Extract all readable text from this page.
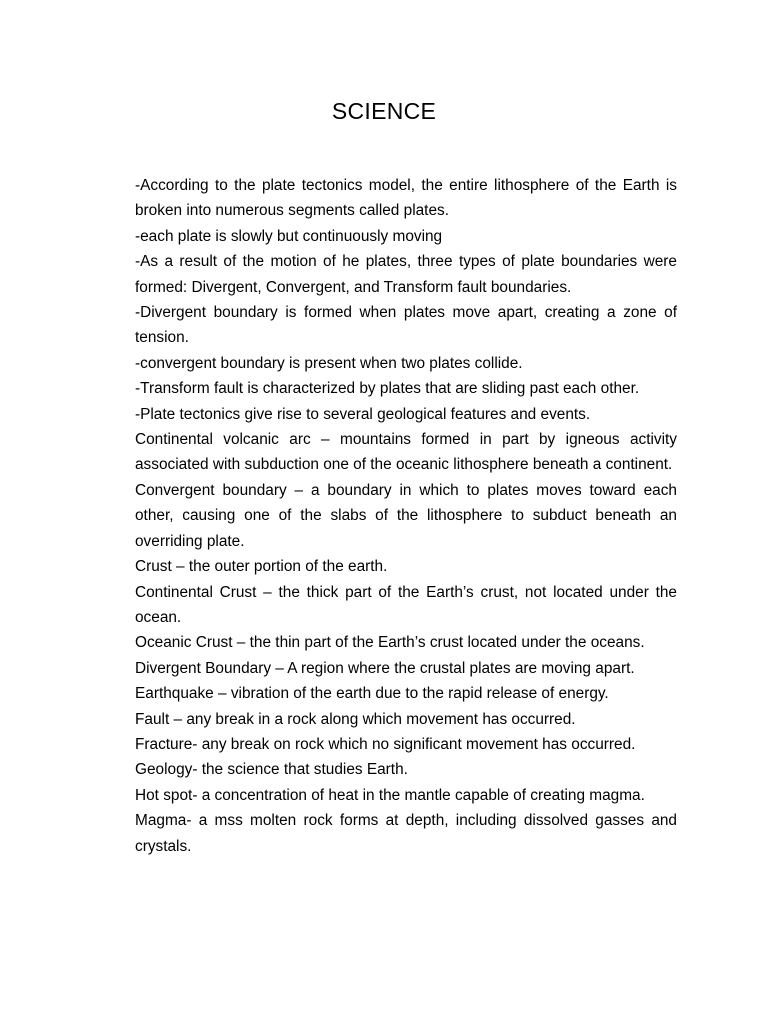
SCIENCE

-According to the plate tectonics model, the entire lithosphere of the Earth is broken into numerous segments called plates.

-each plate is slowly but continuously moving

-As a result of the motion of he plates, three types of plate boundaries were formed: Divergent, Convergent, and Transform fault boundaries.

-Divergent boundary is formed when plates move apart, creating a zone of tension.

-convergent boundary is present when two plates collide.

-Transform fault is characterized by plates that are sliding past each other.

-Plate tectonics give rise to several geological features and events.

Continental volcanic arc – mountains formed in part by igneous activity associated with subduction one of the oceanic lithosphere beneath a continent.

Convergent boundary – a boundary in which to plates moves toward each other, causing one of the slabs of the lithosphere to subduct beneath an overriding plate.

Crust – the outer portion of the earth.

Continental Crust – the thick part of the Earth’s crust, not located under the ocean.

Oceanic Crust – the thin part of the Earth’s crust located under the oceans.

Divergent Boundary – A region where the crustal plates are moving apart.

Earthquake – vibration of the earth due to the rapid release of energy.

Fault – any break in a rock along which movement has occurred.

Fracture- any break on rock which no significant movement has occurred.

Geology- the science that studies Earth.

Hot spot- a concentration of heat in the mantle capable of creating magma.

Magma- a mss molten rock forms at depth, including dissolved gasses and crystals.
